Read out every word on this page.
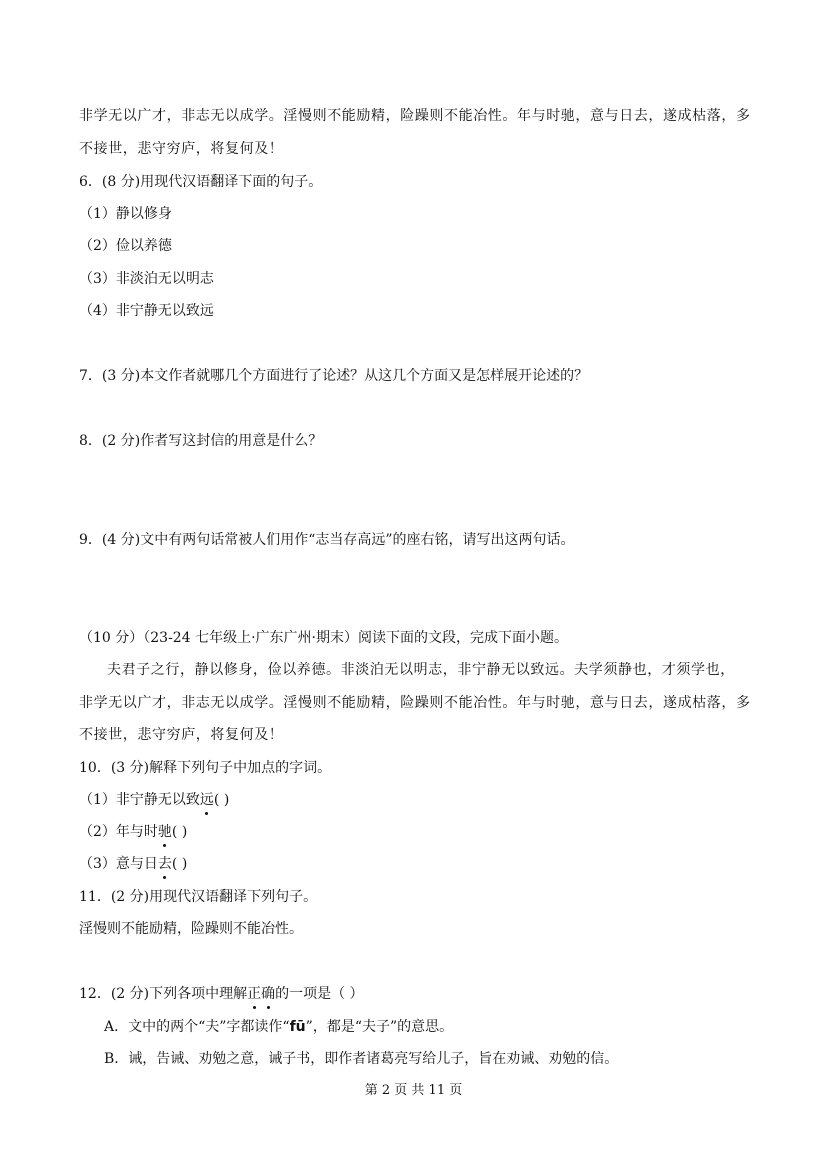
非学无以广才，非志无以成学。淫慢则不能励精，险躁则不能冶性。年与时驰，意与日去，遂成枯落，多
不接世，悲守穷庐，将复何及！
6．(8 分)用现代汉语翻译下面的句子。
（1）静以修身
（2）俭以养德
（3）非淡泊无以明志
（4）非宁静无以致远
7．(3 分)本文作者就哪几个方面进行了论述？从这几个方面又是怎样展开论述的？
8．(2 分)作者写这封信的用意是什么？
9．(4 分)文中有两句话常被人们用作“志当存高远”的座右铭，请写出这两句话。
（10 分）（23-24 七年级上·广东广州·期末）阅读下面的文段，完成下面小题。
夫君子之行，静以修身，俭以养德。非淡泊无以明志，非宁静无以致远。夫学须静也，才须学也，
非学无以广才，非志无以成学。淫慢则不能励精，险躁则不能冶性。年与时驰，意与日去，遂成枯落，多
不接世，悲守穷庐，将复何及！
10．(3 分)解释下列句子中加点的字词。
（1）非宁静无以致远( )
（2）年与时驰( )
（3）意与日去( )
11．(2 分)用现代汉语翻译下列句子。
淫慢则不能励精，险躁则不能冶性。
12．(2 分)下列各项中理解正确的一项是（ ）
A．文中的两个“夫”字都读作“fū”，都是“夫子”的意思。
B．诫，告诫、劝勉之意，诫子书，即作者诸葛亮写给儿子，旨在劝诫、劝勉的信。
第 2 页 共 11 页
